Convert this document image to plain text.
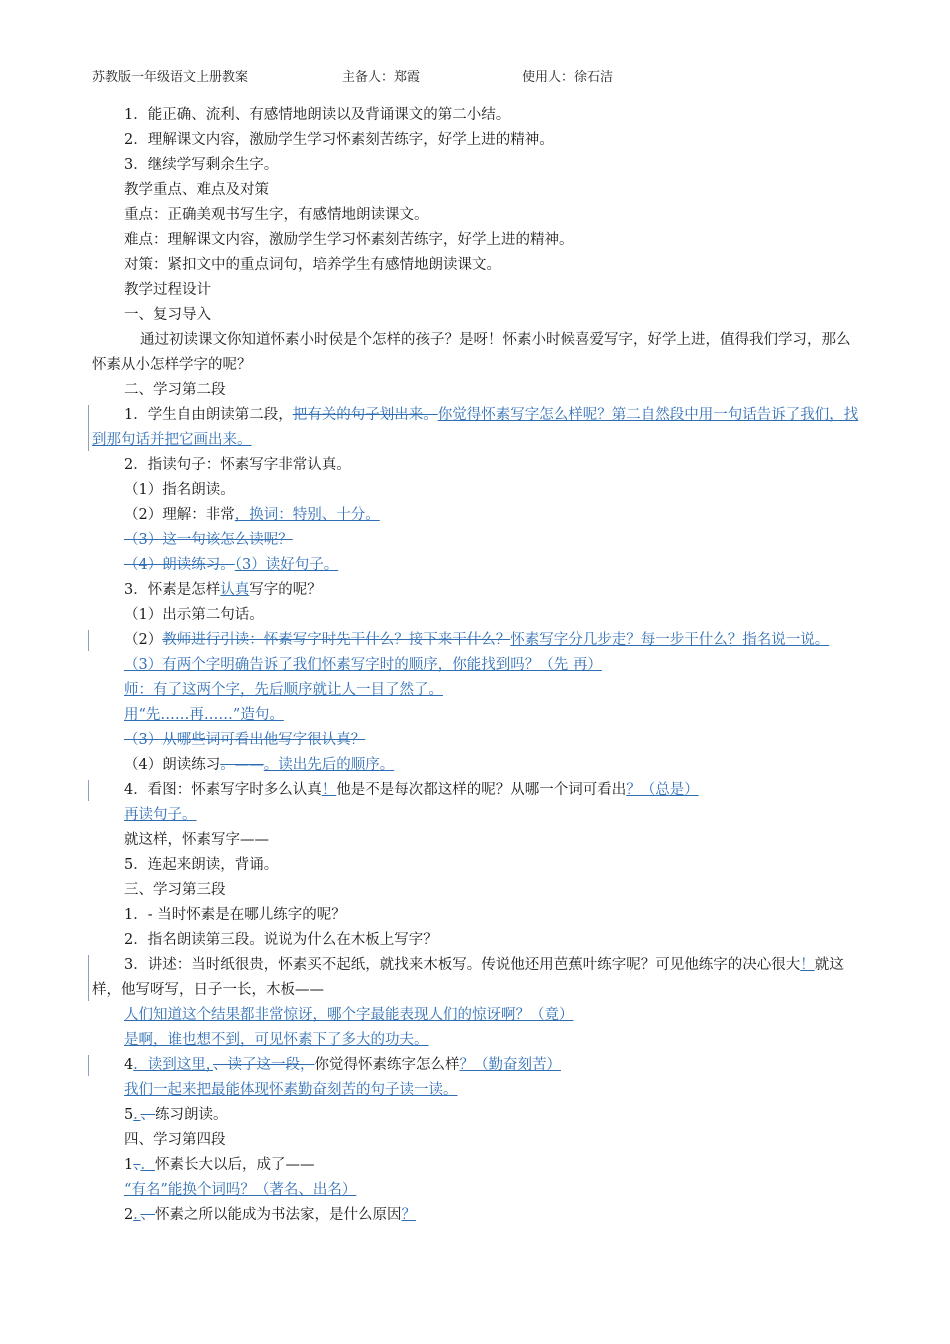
苏教版一年级语文上册教案	主备人：郑霞	使用人：徐石洁
1．能正确、流利、有感情地朗读以及背诵课文的第二小结。
2．理解课文内容，激励学生学习怀素刻苦练字，好学上进的精神。
3．继续学写剩余生字。
教学重点、难点及对策
重点：正确美观书写生字，有感情地朗读课文。
难点：理解课文内容，激励学生学习怀素刻苦练字，好学上进的精神。
对策：紧扣文中的重点词句，培养学生有感情地朗读课文。
教学过程设计
一、复习导入
通过初读课文你知道怀素小时侯是个怎样的孩子？是呀！怀素小时候喜爱写字，好学上进，值得我们学习，那么怀素从小怎样学字的呢？
二、学习第二段
1．学生自由朗读第二段，把有关的句子划出来。你觉得怀素写字怎么样呢？第二自然段中用一句话告诉了我们，找到那句话并把它画出来。
2．指读句子：怀素写字非常认真。
（1）指名朗读。
（2）理解：非常，换词：特别、十分。
（3）这一句该怎么读呢？
（4）朗读练习。（3）读好句子。
3．怀素是怎样认真写字的呢？
（1）出示第二句话。
（2）教师进行引读：怀素写字时先干什么？接下来干什么？怀素写字分几步走？每一步干什么？指名说一说。
（3）有两个字明确告诉了我们怀素写字时的顺序，你能找到吗？（先 再）
师：有了这两个字，先后顺序就让人一目了然了。
用“先……再……”造句。
（3）从哪些词可看出他写字很认真？
（4）朗读练习。——。读出先后的顺序。
4．看图：怀素写字时多么认真！他是不是每次都这样的呢？从哪一个词可看出？（总是）
再读句子。
就这样，怀素写字——
5．连起来朗读，背诵。
三、学习第三段
1．- 当时怀素是在哪儿练字的呢？
2．指名朗读第三段。说说为什么在木板上写字？
3．讲述：当时纸很贵，怀素买不起纸，就找来木板写。传说他还用芭蕉叶练字呢？可见他练字的决心很大！就这样，他写呀写，日子一长，木板——
人们知道这个结果都非常惊讶，哪个字最能表现人们的惊讶啊？（竟）
是啊，谁也想不到，可见怀素下了多大的功夫。
4．读到这里，、读了这一段，你觉得怀素练字怎么样？（勤奋刻苦）
我们一起来把最能体现怀素勤奋刻苦的句子读一读。
5．、练习朗读。
四、学习第四段
1、．怀素长大以后，成了——
“有名”能换个词吗？（著名、出名）
2．、怀素之所以能成为书法家，是什么原因？
